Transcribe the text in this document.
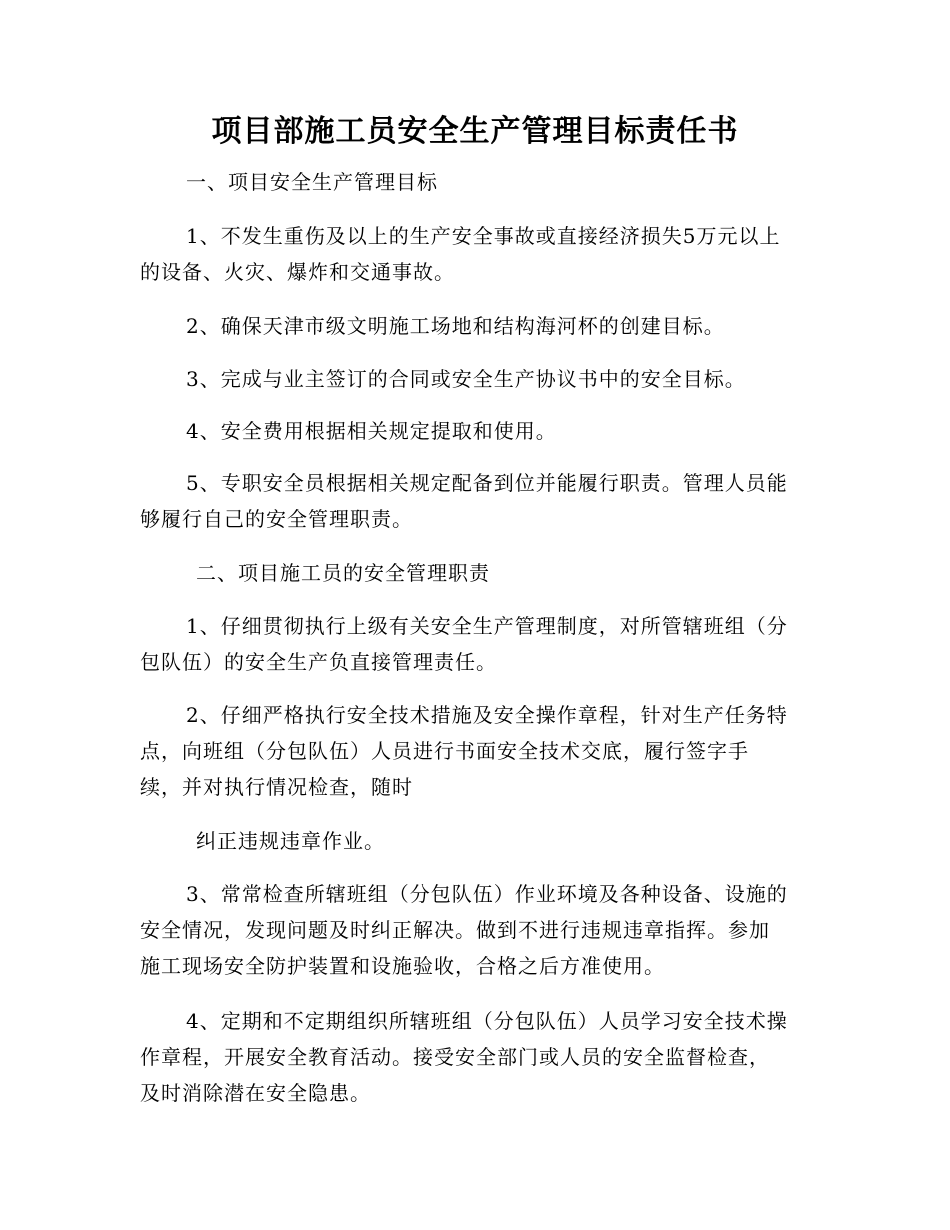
项目部施工员安全生产管理目标责任书
一、项目安全生产管理目标
1、不发生重伤及以上的生产安全事故或直接经济损失5万元以上
的设备、火灾、爆炸和交通事故。
2、确保天津市级文明施工场地和结构海河杯的创建目标。
3、完成与业主签订的合同或安全生产协议书中的安全目标。
4、安全费用根据相关规定提取和使用。
5、专职安全员根据相关规定配备到位并能履行职责。管理人员能
够履行自己的安全管理职责。
二、项目施工员的安全管理职责
1、仔细贯彻执行上级有关安全生产管理制度，对所管辖班组（分
包队伍）的安全生产负直接管理责任。
2、仔细严格执行安全技术措施及安全操作章程，针对生产任务特
点，向班组（分包队伍）人员进行书面安全技术交底，履行签字手
续，并对执行情况检查，随时
纠正违规违章作业。
3、常常检查所辖班组（分包队伍）作业环境及各种设备、设施的
安全情况，发现问题及时纠正解决。做到不进行违规违章指挥。参加
施工现场安全防护装置和设施验收，合格之后方准使用。
4、定期和不定期组织所辖班组（分包队伍）人员学习安全技术操
作章程，开展安全教育活动。接受安全部门或人员的安全监督检查，
及时消除潜在安全隐患。
